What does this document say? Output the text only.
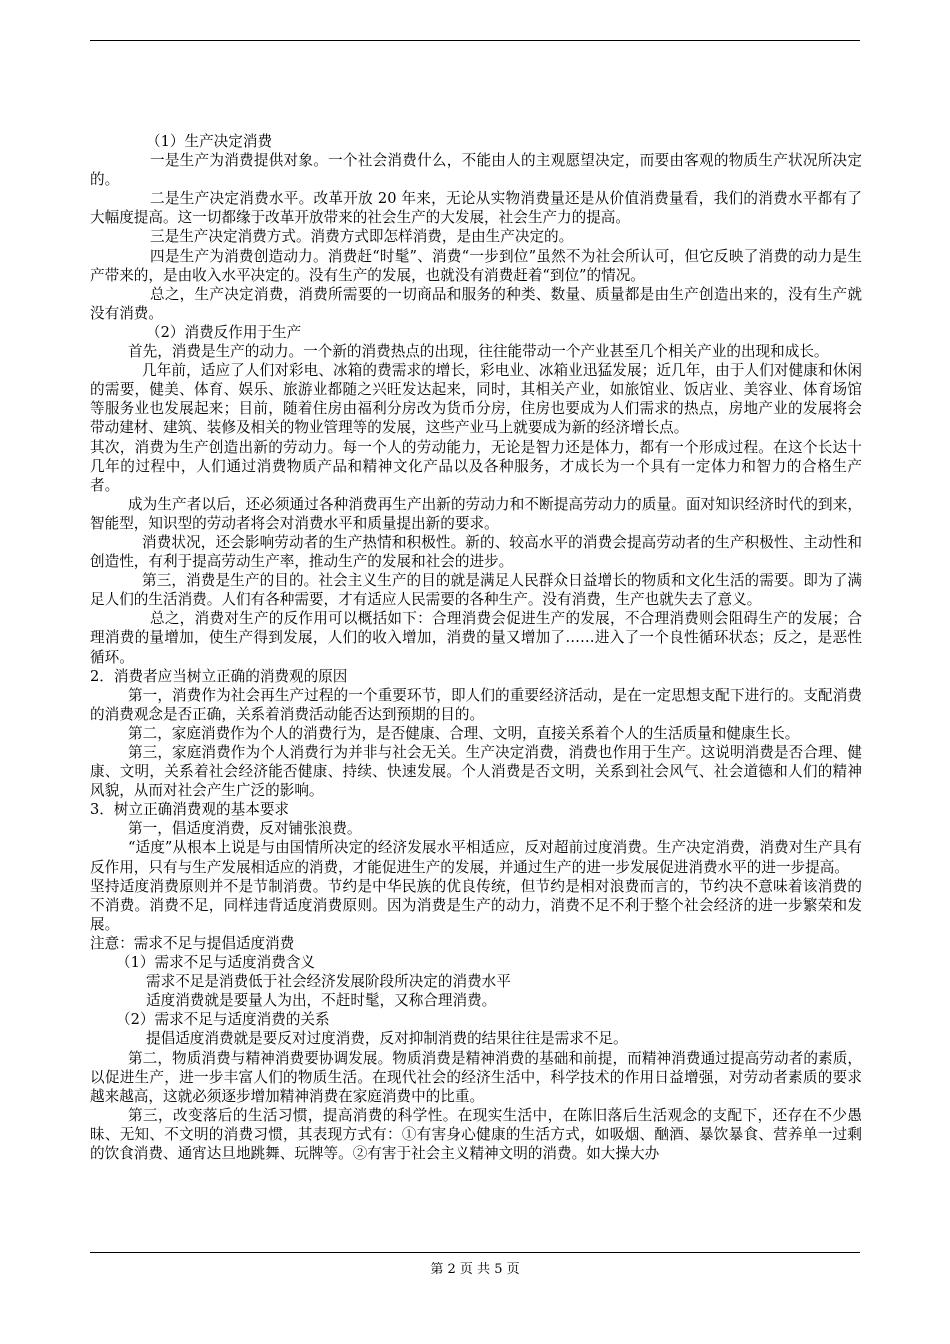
（1）生产决定消费

一是生产为消费提供对象。一个社会消费什么，不能由人的主观愿望决定，而要由客观的物质生产状况所决定的。

二是生产决定消费水平。改革开放 20 年来，无论从实物消费量还是从价值消费量看，我们的消费水平都有了大幅度提高。这一切都缘于改革开放带来的社会生产的大发展，社会生产力的提高。

三是生产决定消费方式。消费方式即怎样消费，是由生产决定的。

四是生产为消费创造动力。消费赶“时髦”、消费“一步到位”虽然不为社会所认可，但它反映了消费的动力是生产带来的，是由收入水平决定的。没有生产的发展，也就没有消费赶着“到位”的情况。

总之，生产决定消费，消费所需要的一切商品和服务的种类、数量、质量都是由生产创造出来的，没有生产就没有消费。

（2）消费反作用于生产

首先，消费是生产的动力。一个新的消费热点的出现，往往能带动一个产业甚至几个相关产业的出现和成长。

几年前，适应了人们对彩电、冰箱的费需求的增长，彩电业、冰箱业迅猛发展；近几年，由于人们对健康和休闲的需要，健美、体育、娱乐、旅游业都随之兴旺发达起来，同时，其相关产业，如旅馆业、饭店业、美容业、体育场馆等服务业也发展起来；目前，随着住房由福利分房改为货币分房，住房也要成为人们需求的热点，房地产业的发展将会带动建材、建筑、装修及相关的物业管理等的发展，这些产业马上就要成为新的经济增长点。

其次，消费为生产创造出新的劳动力。每一个人的劳动能力，无论是智力还是体力，都有一个形成过程。在这个长达十几年的过程中，人们通过消费物质产品和精神文化产品以及各种服务，才成长为一个具有一定体力和智力的合格生产者。

成为生产者以后，还必须通过各种消费再生产出新的劳动力和不断提高劳动力的质量。面对知识经济时代的到来，智能型，知识型的劳动者将会对消费水平和质量提出新的要求。

消费状况，还会影响劳动者的生产热情和积极性。新的、较高水平的消费会提高劳动者的生产积极性、主动性和创造性，有利于提高劳动生产率，推动生产的发展和社会的进步。

第三，消费是生产的目的。社会主义生产的目的就是满足人民群众日益增长的物质和文化生活的需要。即为了满足人们的生活消费。人们有各种需要，才有适应人民需要的各种生产。没有消费，生产也就失去了意义。

总之，消费对生产的反作用可以概括如下：合理消费会促进生产的发展，不合理消费则会阻碍生产的发展；合理消费的量增加，使生产得到发展，人们的收入增加，消费的量又增加了……进入了一个良性循环状态；反之，是恶性循环。

2．消费者应当树立正确的消费观的原因

第一，消费作为社会再生产过程的一个重要环节，即人们的重要经济活动，是在一定思想支配下进行的。支配消费的消费观念是否正确，关系着消费活动能否达到预期的目的。

第二，家庭消费作为个人的消费行为，是否健康、合理、文明，直接关系着个人的生活质量和健康生长。

第三，家庭消费作为个人消费行为并非与社会无关。生产决定消费，消费也作用于生产。这说明消费是否合理、健康、文明，关系着社会经济能否健康、持续、快速发展。个人消费是否文明，关系到社会风气、社会道德和人们的精神风貌，从而对社会产生广泛的影响。

3．树立正确消费观的基本要求

第一，倡适度消费，反对铺张浪费。

“适度”从根本上说是与由国情所决定的经济发展水平相适应，反对超前过度消费。生产决定消费，消费对生产具有反作用，只有与生产发展相适应的消费，才能促进生产的发展，并通过生产的进一步发展促进消费水平的进一步提高。

坚持适度消费原则并不是节制消费。节约是中华民族的优良传统，但节约是相对浪费而言的，节约决不意味着该消费的不消费。消费不足，同样违背适度消费原则。因为消费是生产的动力，消费不足不利于整个社会经济的进一步繁荣和发展。

注意：需求不足与提倡适度消费

（1）需求不足与适度消费含义

需求不足是消费低于社会经济发展阶段所决定的消费水平

适度消费就是要量人为出，不赶时髦，又称合理消费。

（2）需求不足与适度消费的关系

提倡适度消费就是要反对过度消费，反对抑制消费的结果往往是需求不足。

第二，物质消费与精神消费要协调发展。物质消费是精神消费的基础和前提，而精神消费通过提高劳动者的素质，以促进生产，进一步丰富人们的物质生活。在现代社会的经济生活中，科学技术的作用日益增强，对劳动者素质的要求越来越高，这就必须逐步增加精神消费在家庭消费中的比重。

第三，改变落后的生活习惯，提高消费的科学性。在现实生活中，在陈旧落后生活观念的支配下，还存在不少愚昧、无知、不文明的消费习惯，其表现方式有：①有害身心健康的生活方式，如吸烟、酗酒、暴饮暴食、营养单一过剩的饮食消费、通宵达旦地跳舞、玩牌等。②有害于社会主义精神文明的消费。如大操大办

第 2 页 共 5 页
